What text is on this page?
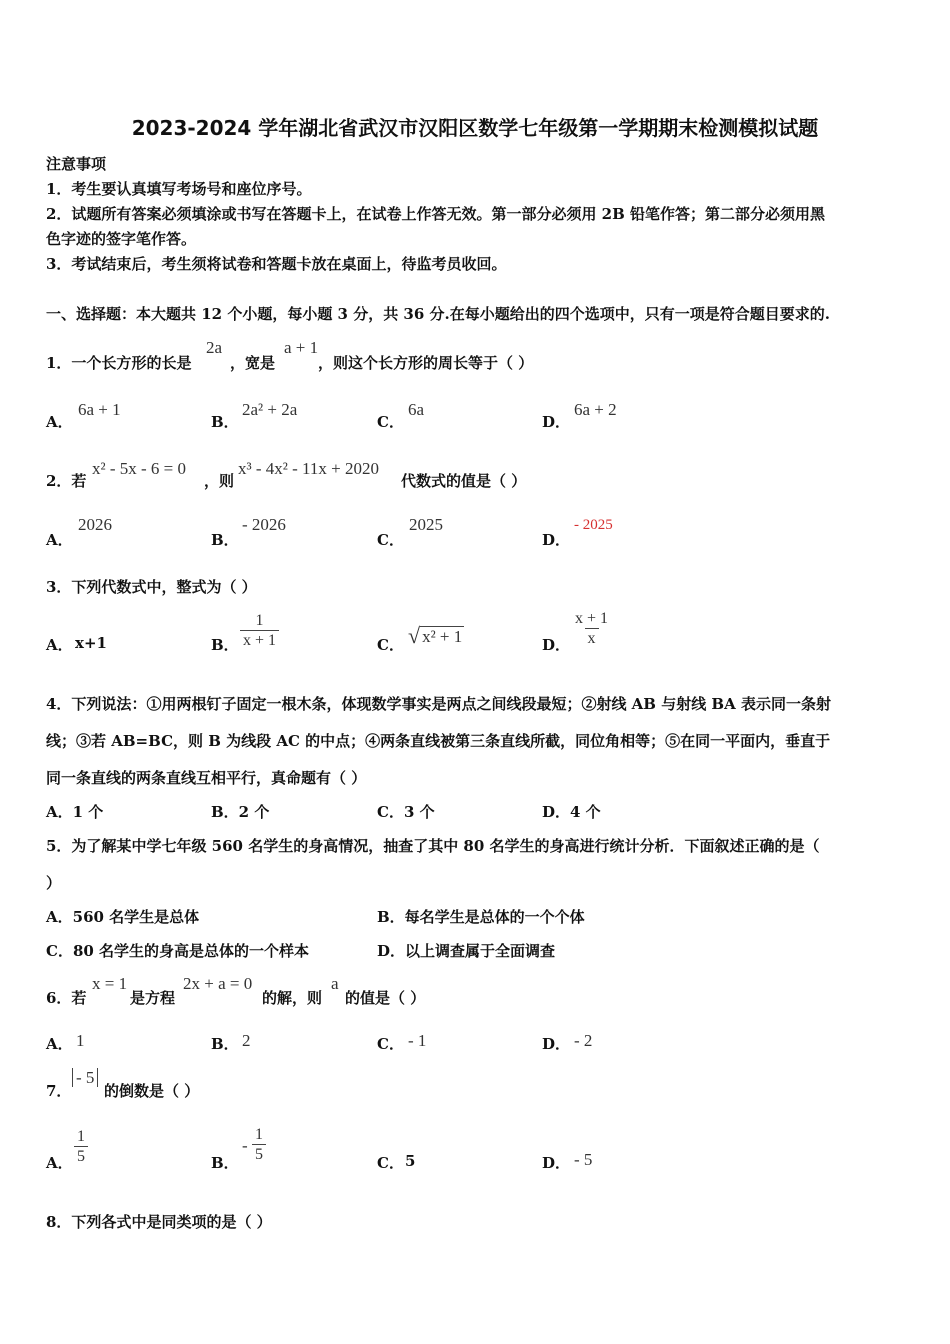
2023-2024 学年湖北省武汉市汉阳区数学七年级第一学期期末检测模拟试题
注意事项
1．考生要认真填写考场号和座位序号。
2．试题所有答案必须填涂或书写在答题卡上，在试卷上作答无效。第一部分必须用 2B 铅笔作答；第二部分必须用黑
色字迹的签字笔作答。
3．考试结束后，考生须将试卷和答题卡放在桌面上，待监考员收回。
一、选择题：本大题共 12 个小题，每小题 3 分，共 36 分.在每小题给出的四个选项中，只有一项是符合题目要求的.
1．一个长方形的长是
2a
，宽是
a + 1
，则这个长方形的周长等于（ ）
A．
6a + 1
B．
2a² + 2a
C．
6a
D．
6a + 2
2．若
x² - 5x - 6 = 0
，则
x³ - 4x² - 11x + 2020
代数式的值是（ ）
A．
2026
B．
- 2026
C．
2025
D．
- 2025
3．下列代数式中，整式为（ ）
A． x+1	B． $\frac{1}{x + 1}$	C． √ x² + 1	D． $\frac{x + 1}{x}$
4．下列说法：①用两根钉子固定一根木条，体现数学事实是两点之间线段最短；②射线 AB 与射线 BA 表示同一条射
线；③若 AB=BC，则 B 为线段 AC 的中点；④两条直线被第三条直线所截，同位角相等；⑤在同一平面内，垂直于
同一条直线的两条直线互相平行，真命题有（ ）
A．1 个	B．2 个	C．3 个	D．4 个
5．为了解某中学七年级 560 名学生的身高情况，抽查了其中 80 名学生的身高进行统计分析．下面叙述正确的是（
）
A．560 名学生是总体	B．每名学生是总体的一个个体
C．80 名学生的身高是总体的一个样本	D．以上调查属于全面调查
6．若
x = 1
是方程
2x + a = 0
的解，则
a
的值是（ ）
A． 1	B． 2	C． - 1	D． - 2
7．
- 5
的倒数是（ ）
A． $\frac{1}{5}$	B．
- $\frac{1}{5}$	C． 5	D． - 5
8．下列各式中是同类项的是（ ）
